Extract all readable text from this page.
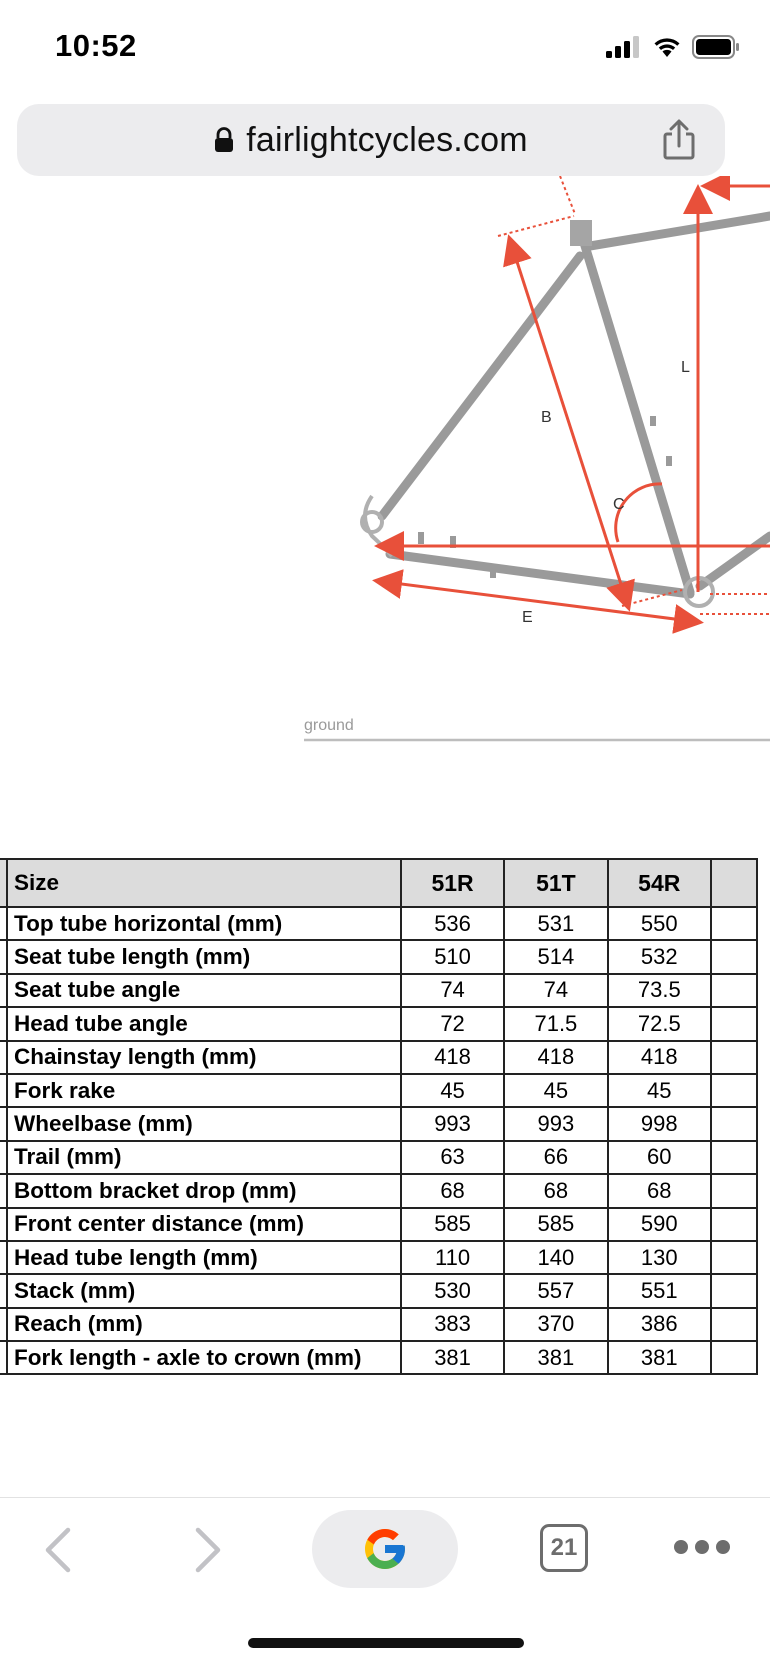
10:52
fairlightcycles.com
B
C
E
L
ground
	Size	51R	51T	54R	
	Top tube horizontal (mm)	536	531	550	
	Seat tube length (mm)	510	514	532	
	Seat tube angle	74	74	73.5	
	Head tube angle	72	71.5	72.5	
	Chainstay length (mm)	418	418	418	
	Fork rake	45	45	45	
	Wheelbase (mm)	993	993	998	
	Trail (mm)	63	66	60	
	Bottom bracket drop (mm)	68	68	68	
	Front center distance (mm)	585	585	590	
	Head tube length (mm)	110	140	130	
	Stack (mm)	530	557	551	
	Reach (mm)	383	370	386	
	Fork length - axle to crown (mm)	381	381	381	
21
